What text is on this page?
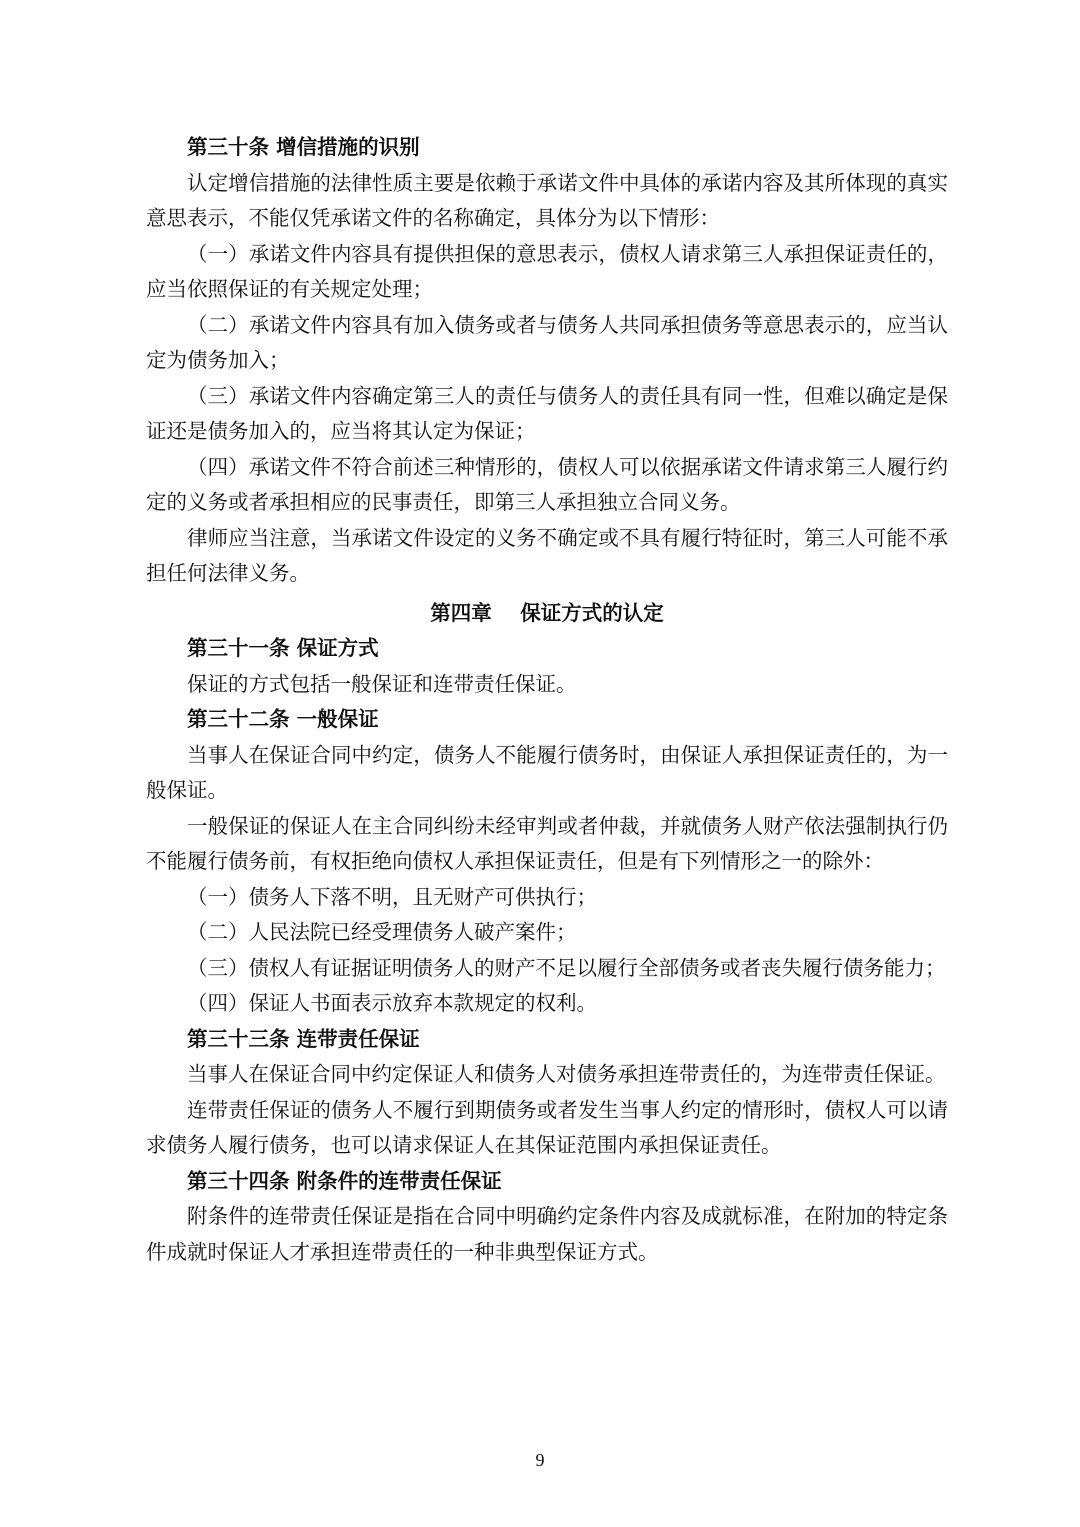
第三十条 增信措施的识别

认定增信措施的法律性质主要是依赖于承诺文件中具体的承诺内容及其所体现的真实意思表示，不能仅凭承诺文件的名称确定，具体分为以下情形：

（一）承诺文件内容具有提供担保的意思表示，债权人请求第三人承担保证责任的，应当依照保证的有关规定处理；

（二）承诺文件内容具有加入债务或者与债务人共同承担债务等意思表示的，应当认定为债务加入；

（三）承诺文件内容确定第三人的责任与债务人的责任具有同一性，但难以确定是保证还是债务加入的，应当将其认定为保证；

（四）承诺文件不符合前述三种情形的，债权人可以依据承诺文件请求第三人履行约定的义务或者承担相应的民事责任，即第三人承担独立合同义务。

律师应当注意，当承诺文件设定的义务不确定或不具有履行特征时，第三人可能不承担任何法律义务。

第四章    保证方式的认定

第三十一条 保证方式

保证的方式包括一般保证和连带责任保证。

第三十二条 一般保证

当事人在保证合同中约定，债务人不能履行债务时，由保证人承担保证责任的，为一般保证。

一般保证的保证人在主合同纠纷未经审判或者仲裁，并就债务人财产依法强制执行仍不能履行债务前，有权拒绝向债权人承担保证责任，但是有下列情形之一的除外：

（一）债务人下落不明，且无财产可供执行；

（二）人民法院已经受理债务人破产案件；

（三）债权人有证据证明债务人的财产不足以履行全部债务或者丧失履行债务能力；

（四）保证人书面表示放弃本款规定的权利。

第三十三条 连带责任保证

当事人在保证合同中约定保证人和债务人对债务承担连带责任的，为连带责任保证。

连带责任保证的债务人不履行到期债务或者发生当事人约定的情形时，债权人可以请求债务人履行债务，也可以请求保证人在其保证范围内承担保证责任。

第三十四条 附条件的连带责任保证

附条件的连带责任保证是指在合同中明确约定条件内容及成就标准，在附加的特定条件成就时保证人才承担连带责任的一种非典型保证方式。

9
